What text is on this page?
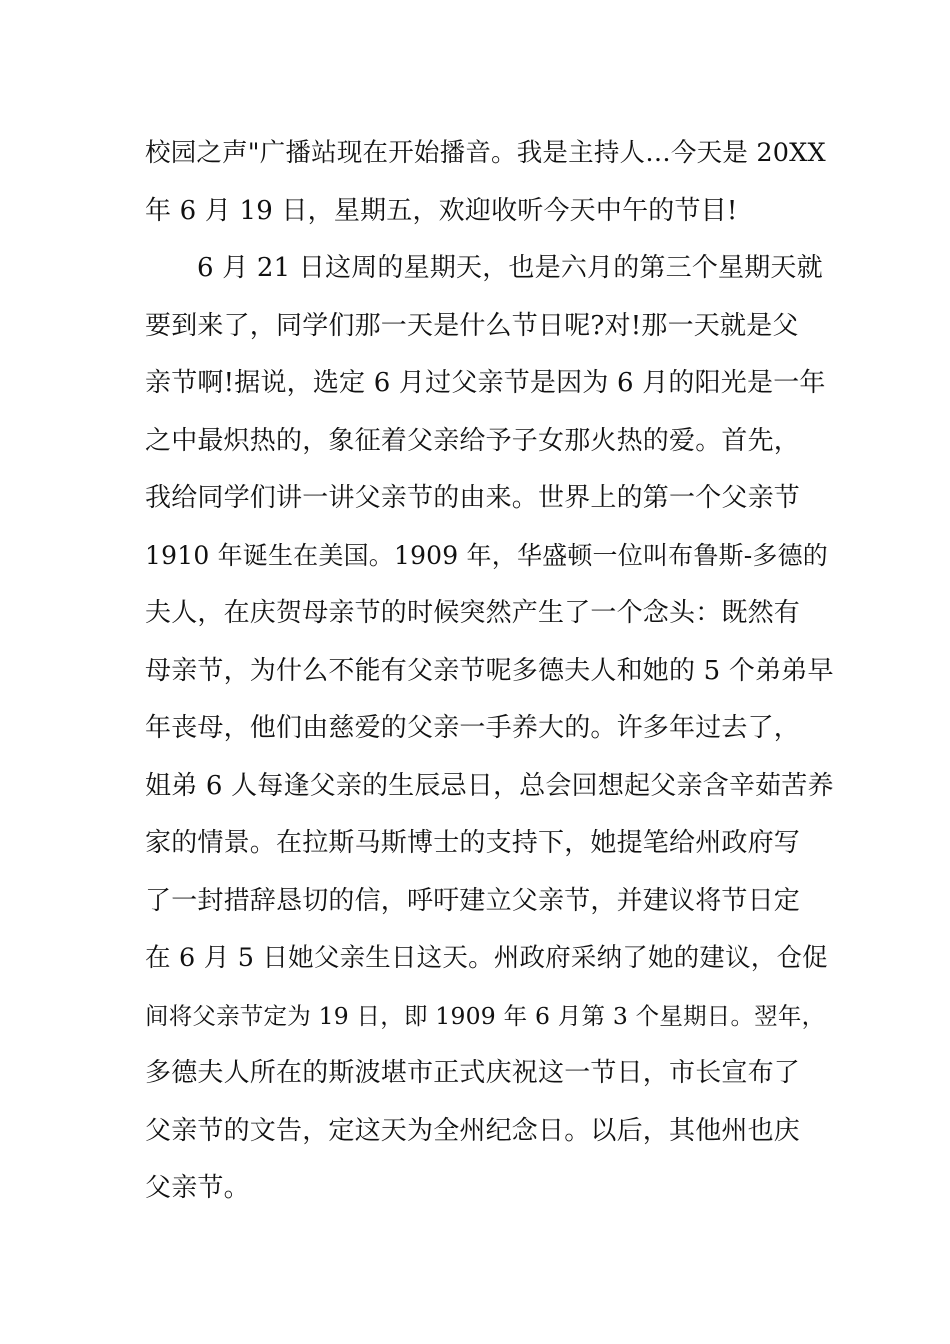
校园之声"广播站现在开始播音。我是主持人…今天是 20XX
年 6 月 19 日，星期五，欢迎收听今天中午的节目!
6 月 21 日这周的星期天，也是六月的第三个星期天就
要到来了，同学们那一天是什么节日呢?对!那一天就是父
亲节啊!据说，选定 6 月过父亲节是因为 6 月的阳光是一年
之中最炽热的，象征着父亲给予子女那火热的爱。首先，
我给同学们讲一讲父亲节的由来。世界上的第一个父亲节
1910 年诞生在美国。1909 年，华盛顿一位叫布鲁斯-多德的
夫人，在庆贺母亲节的时候突然产生了一个念头：既然有
母亲节，为什么不能有父亲节呢多德夫人和她的 5 个弟弟早
年丧母，他们由慈爱的父亲一手养大的。许多年过去了，
姐弟 6 人每逢父亲的生辰忌日，总会回想起父亲含辛茹苦养
家的情景。在拉斯马斯博士的支持下，她提笔给州政府写
了一封措辞恳切的信，呼吁建立父亲节，并建议将节日定
在 6 月 5 日她父亲生日这天。州政府采纳了她的建议，仓促
间将父亲节定为 19 日，即 1909 年 6 月第 3 个星期日。翌年，
多德夫人所在的斯波堪市正式庆祝这一节日，市长宣布了
父亲节的文告，定这天为全州纪念日。以后，其他州也庆
父亲节。
